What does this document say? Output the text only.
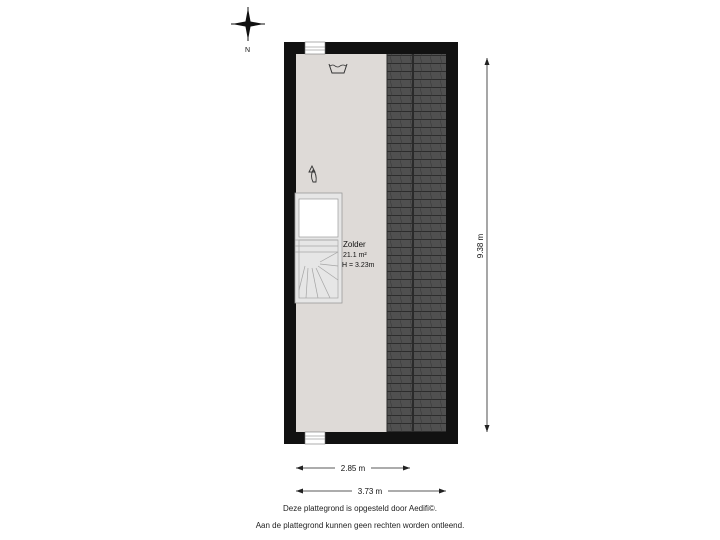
N
Zolder
21.1 m²
H = 3.23m
9.38 m
2.85 m
3.73 m
Deze plattegrond is opgesteld door Aedifi©.
Aan de plattegrond kunnen geen rechten worden ontleend.
